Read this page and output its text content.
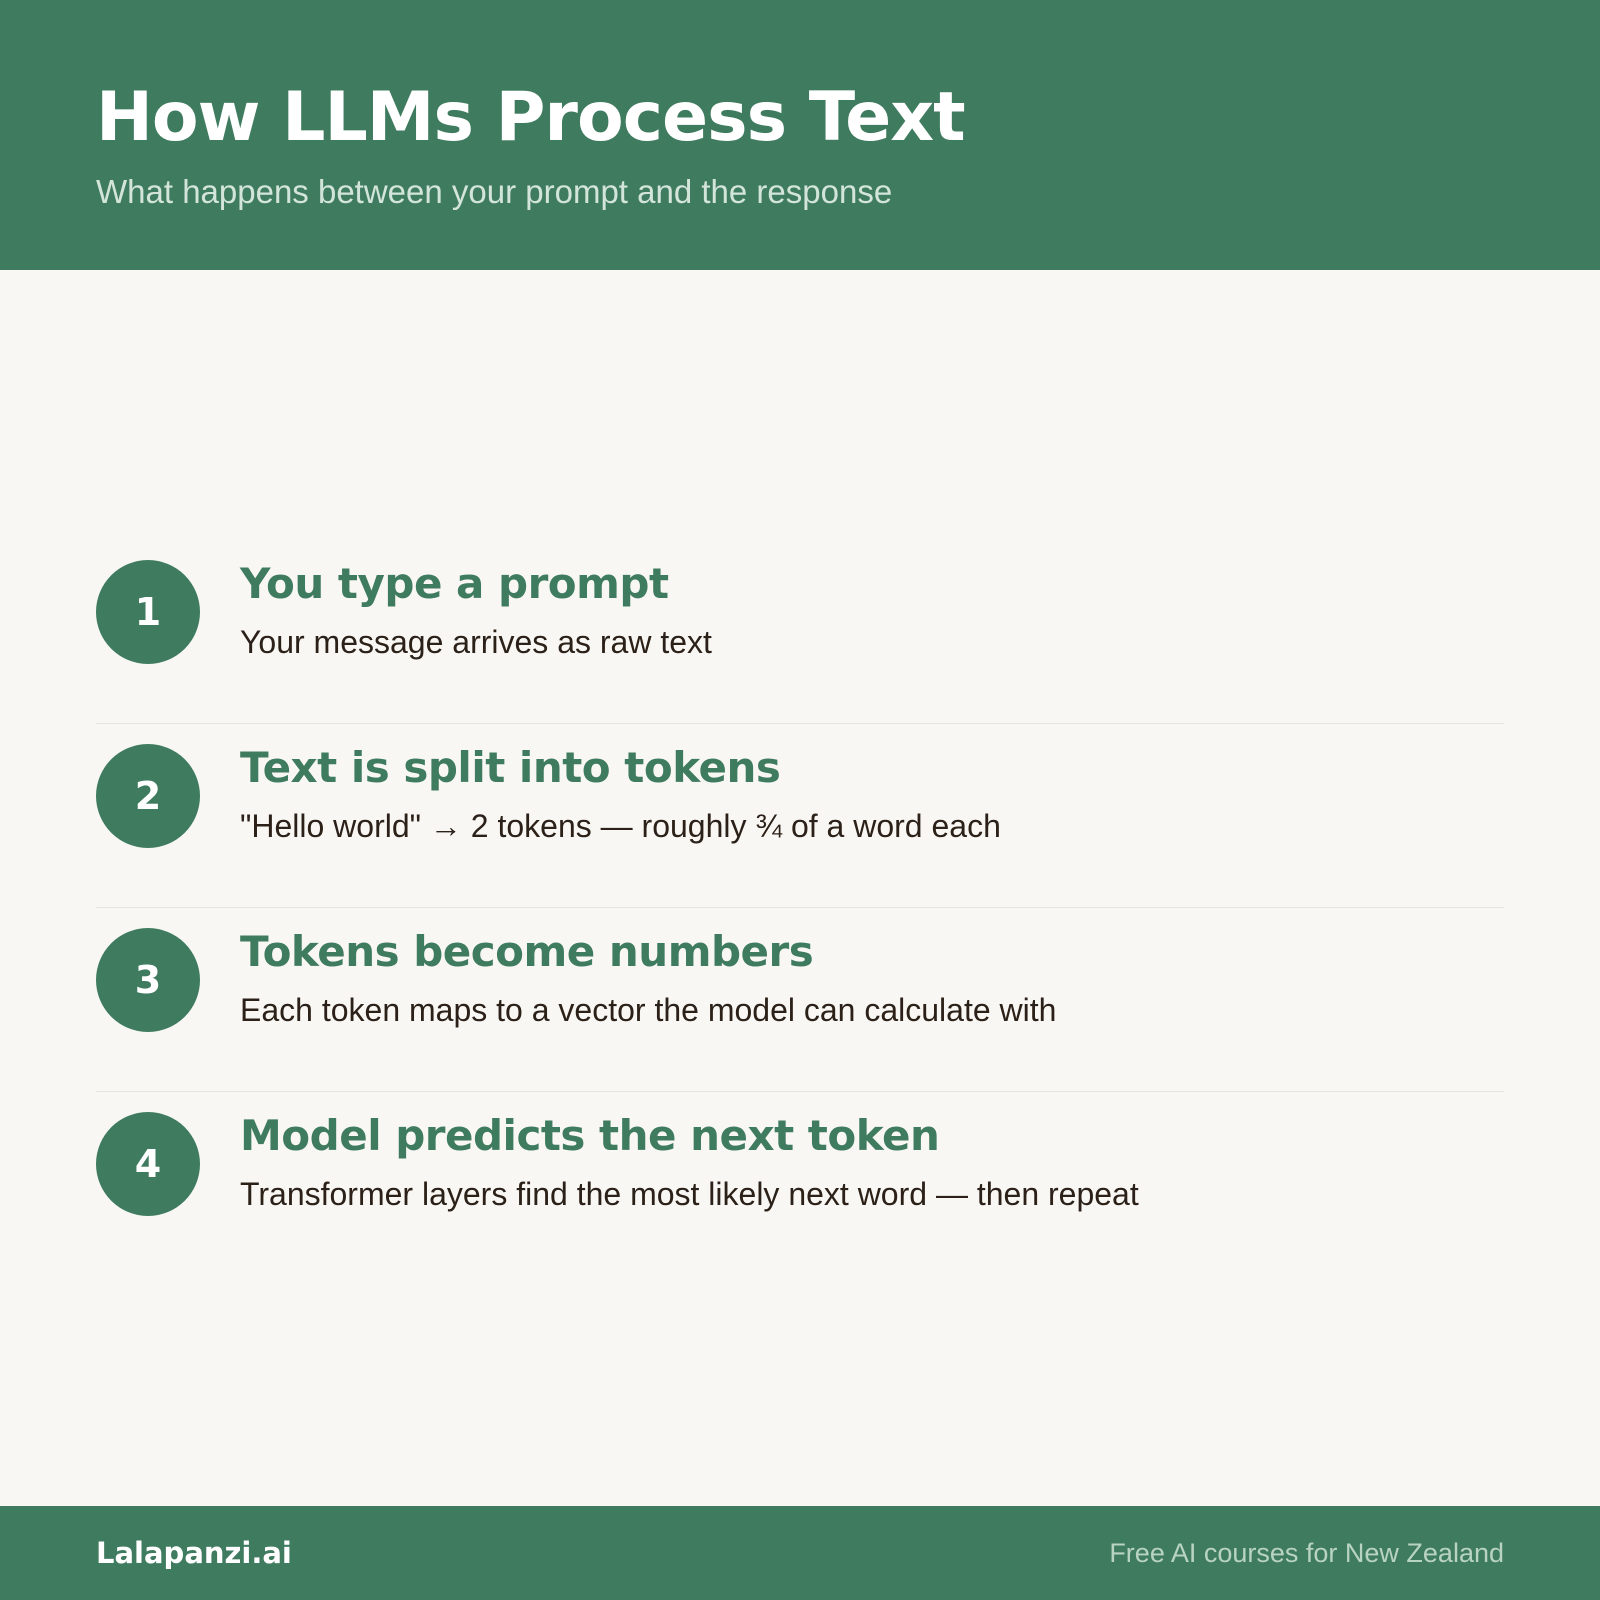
How LLMs Process Text
What happens between your prompt and the response
1
You type a prompt
Your message arrives as raw text
2
Text is split into tokens
"Hello world" → 2 tokens — roughly ¾ of a word each
3
Tokens become numbers
Each token maps to a vector the model can calculate with
4
Model predicts the next token
Transformer layers find the most likely next word — then repeat
Lalapanzi.ai	Free AI courses for New Zealand
